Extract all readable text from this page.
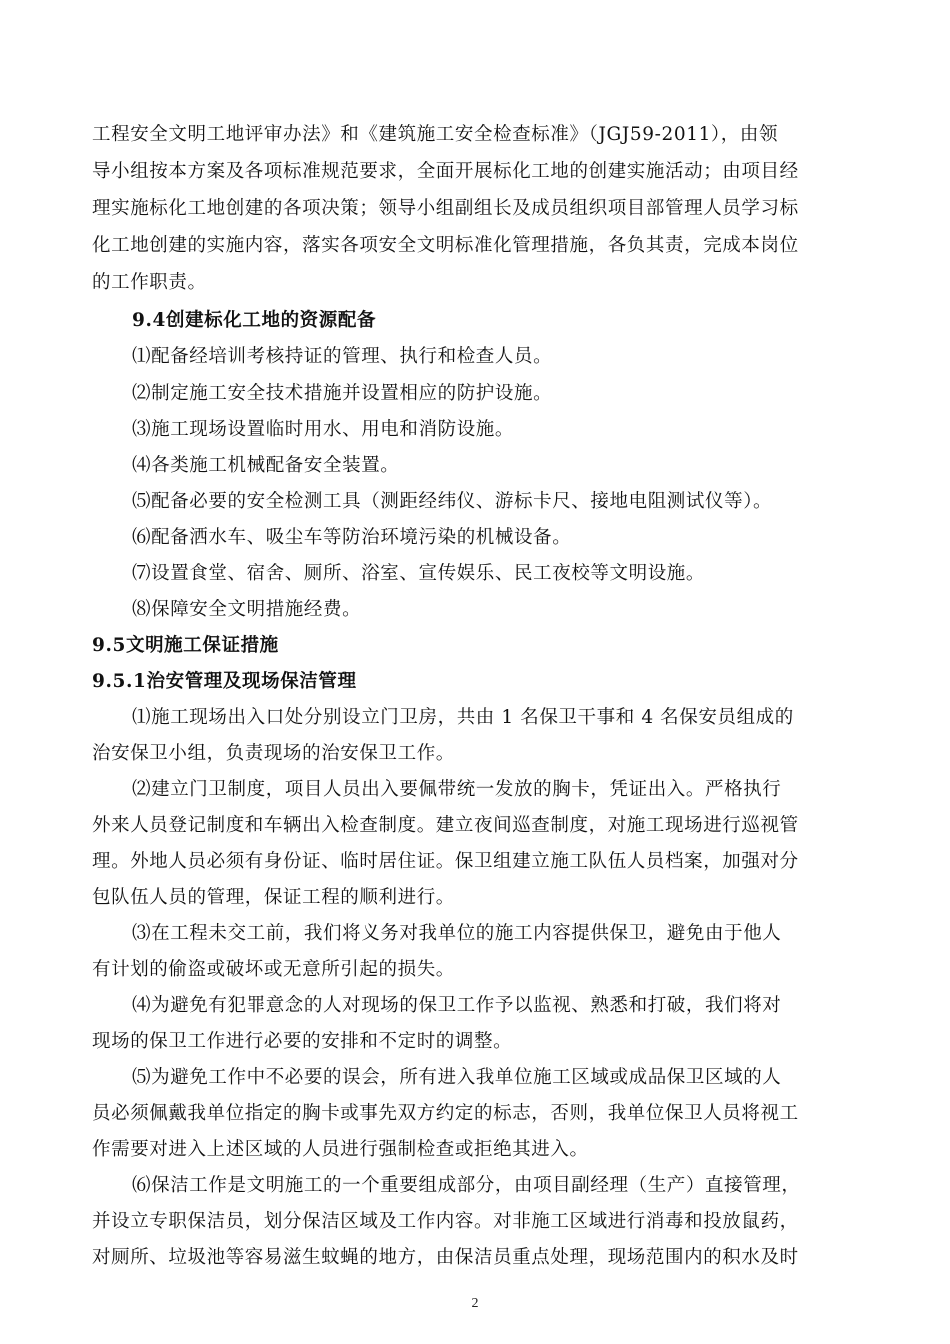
工程安全文明工地评审办法》和《建筑施工安全检查标准》（JGJ59-2011），由领
导小组按本方案及各项标准规范要求，全面开展标化工地的创建实施活动；由项目经
理实施标化工地创建的各项决策；领导小组副组长及成员组织项目部管理人员学习标
化工地创建的实施内容，落实各项安全文明标准化管理措施，各负其责，完成本岗位
的工作职责。
9.4创建标化工地的资源配备
⑴配备经培训考核持证的管理、执行和检查人员。
⑵制定施工安全技术措施并设置相应的防护设施。
⑶施工现场设置临时用水、用电和消防设施。
⑷各类施工机械配备安全装置。
⑸配备必要的安全检测工具（测距经纬仪、游标卡尺、接地电阻测试仪等）。
⑹配备洒水车、吸尘车等防治环境污染的机械设备。
⑺设置食堂、宿舍、厕所、浴室、宣传娱乐、民工夜校等文明设施。
⑻保障安全文明措施经费。
9.5文明施工保证措施
9.5.1治安管理及现场保洁管理
⑴施工现场出入口处分别设立门卫房，共由 1 名保卫干事和 4 名保安员组成的
治安保卫小组，负责现场的治安保卫工作。
⑵建立门卫制度，项目人员出入要佩带统一发放的胸卡，凭证出入。严格执行
外来人员登记制度和车辆出入检查制度。建立夜间巡查制度，对施工现场进行巡视管
理。外地人员必须有身份证、临时居住证。保卫组建立施工队伍人员档案，加强对分
包队伍人员的管理，保证工程的顺利进行。
⑶在工程未交工前，我们将义务对我单位的施工内容提供保卫，避免由于他人
有计划的偷盗或破坏或无意所引起的损失。
⑷为避免有犯罪意念的人对现场的保卫工作予以监视、熟悉和打破，我们将对
现场的保卫工作进行必要的安排和不定时的调整。
⑸为避免工作中不必要的误会，所有进入我单位施工区域或成品保卫区域的人
员必须佩戴我单位指定的胸卡或事先双方约定的标志，否则，我单位保卫人员将视工
作需要对进入上述区域的人员进行强制检查或拒绝其进入。
⑹保洁工作是文明施工的一个重要组成部分，由项目副经理（生产）直接管理，
并设立专职保洁员，划分保洁区域及工作内容。对非施工区域进行消毒和投放鼠药，
对厕所、垃圾池等容易滋生蚊蝇的地方，由保洁员重点处理，现场范围内的积水及时
2
